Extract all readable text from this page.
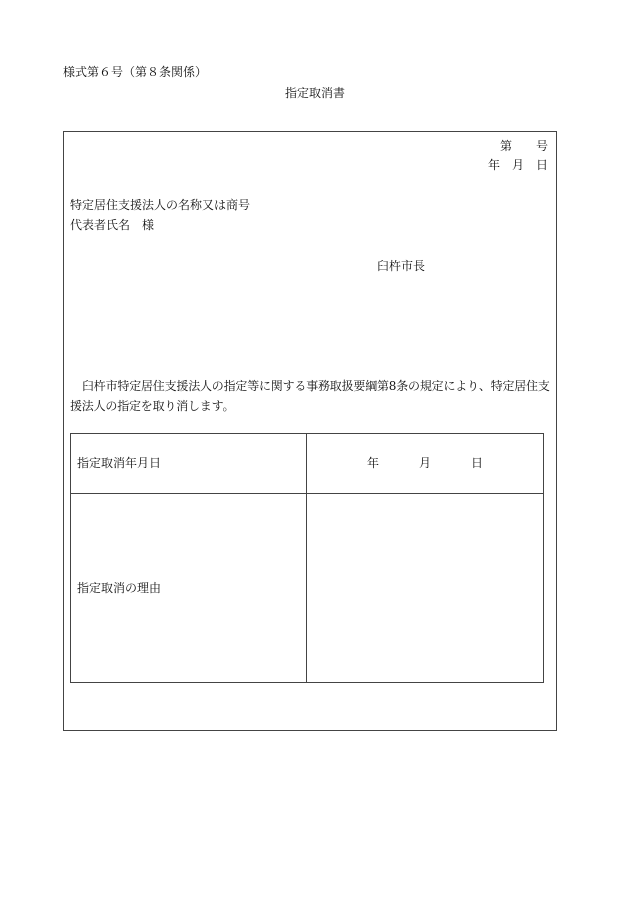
様式第６号（第８条関係）
指定取消書
第　　号
年　月　日
特定居住支援法人の名称又は商号
代表者氏名　様
臼杵市長
臼杵市特定居住支援法人の指定等に関する事務取扱要綱第8条の規定により、特定居住支援法人の指定を取り消します。
指定取消年月日	年 月 日
指定取消の理由	
